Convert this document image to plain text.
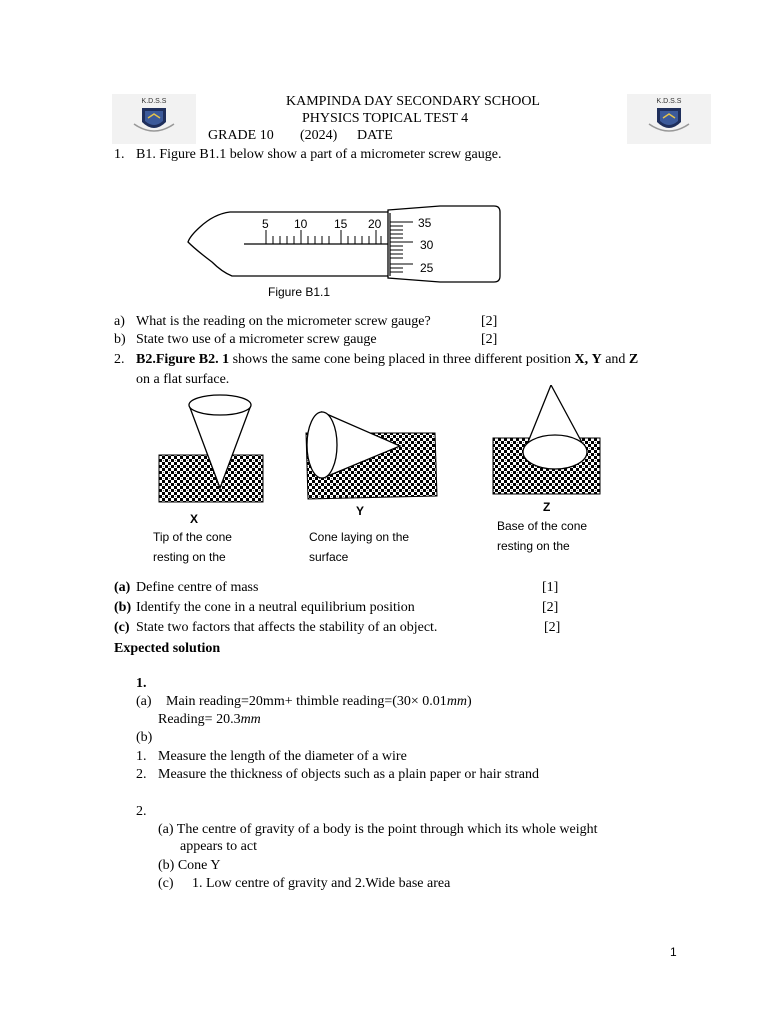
K.D.S.S	K.D.S.S
KAMPINDA DAY SECONDARY SCHOOL
PHYSICS TOPICAL TEST 4
GRADE 10 (2024) DATE
1. B1. Figure B1.1 below show a part of a micrometer screw gauge.
5 10 15 20	35
30
25
Figure B1.1
a) What is the reading on the micrometer screw gauge?	[2]
b) State two use of a micrometer screw gauge	[2]
2. B2.Figure B2. 1 shows the same cone being placed in three different position X, Y and Z
on a flat surface.
X
Tip of the cone
resting on the
Y
Cone laying on the
surface
Z
Base of the cone
resting on the
(a) Define centre of mass	[1]
(b) Identify the cone in a neutral equilibrium position	[2]
(c) State two factors that affects the stability of an object.	[2]
Expected solution
1.
(a) Main reading=20mm+ thimble reading=(30× 0.01mm)
Reading= 20.3mm
(b)
1. Measure the length of the diameter of a wire
2. Measure the thickness of objects such as a plain paper or hair strand
2.
(a) The centre of gravity of a body is the point through which its whole weight
appears to act
(b) Cone Y
(c) 1. Low centre of gravity and 2.Wide base area
1
